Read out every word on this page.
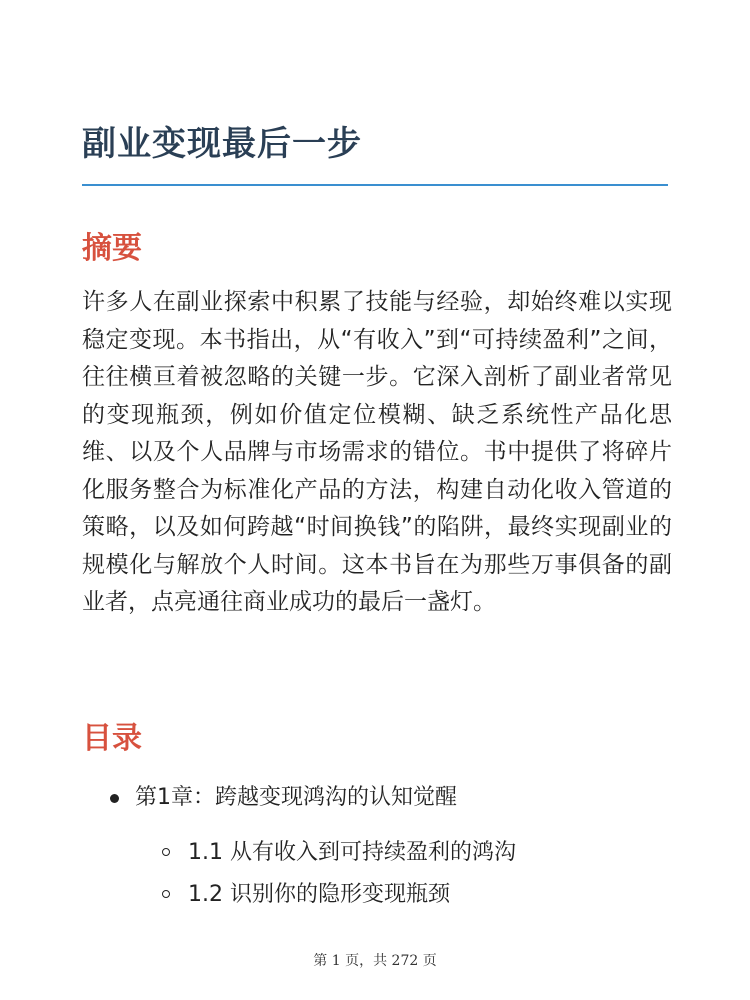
副业变现最后一步
摘要

许多人在副业探索中积累了技能与经验，却始终难以实现稳定变现。本书指出，从“有收入”到“可持续盈利”之间，往往横亘着被忽略的关键一步。它深入剖析了副业者常见的变现瓶颈，例如价值定位模糊、缺乏系统性产品化思维、以及个人品牌与市场需求的错位。书中提供了将碎片化服务整合为标准化产品的方法，构建自动化收入管道的策略，以及如何跨越“时间换钱”的陷阱，最终实现副业的规模化与解放个人时间。这本书旨在为那些万事俱备的副业者，点亮通往商业成功的最后一盏灯。

目录
第1章：跨越变现鸿沟的认知觉醒
1.1 从有收入到可持续盈利的鸿沟
1.2 识别你的隐形变现瓶颈
第 1 页，共 272 页
